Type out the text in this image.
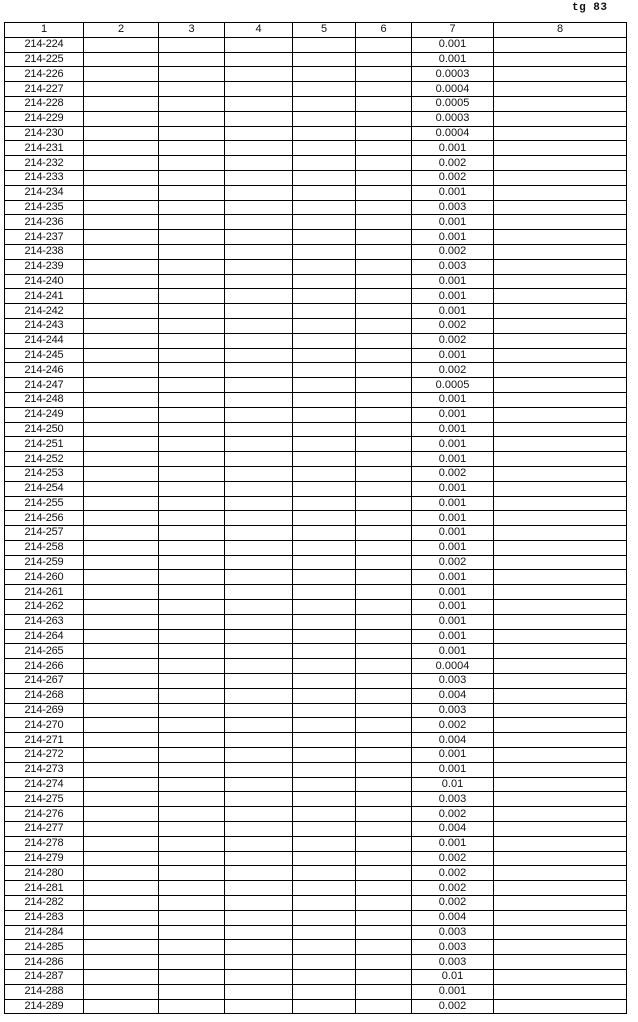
tg 83
1	2	3	4	5	6	7	8
214-224						0.001	
214-225						0.001	
214-226						0.0003	
214-227						0.0004	
214-228						0.0005	
214-229						0.0003	
214-230						0.0004	
214-231						0.001	
214-232						0.002	
214-233						0.002	
214-234						0.001	
214-235						0.003	
214-236						0.001	
214-237						0.001	
214-238						0.002	
214-239						0.003	
214-240						0.001	
214-241						0.001	
214-242						0.001	
214-243						0.002	
214-244						0.002	
214-245						0.001	
214-246						0.002	
214-247						0.0005	
214-248						0.001	
214-249						0.001	
214-250						0.001	
214-251						0.001	
214-252						0.001	
214-253						0.002	
214-254						0.001	
214-255						0.001	
214-256						0.001	
214-257						0.001	
214-258						0.001	
214-259						0.002	
214-260						0.001	
214-261						0.001	
214-262						0.001	
214-263						0.001	
214-264						0.001	
214-265						0.001	
214-266						0.0004	
214-267						0.003	
214-268						0.004	
214-269						0.003	
214-270						0.002	
214-271						0.004	
214-272						0.001	
214-273						0.001	
214-274						0.01	
214-275						0.003	
214-276						0.002	
214-277						0.004	
214-278						0.001	
214-279						0.002	
214-280						0.002	
214-281						0.002	
214-282						0.002	
214-283						0.004	
214-284						0.003	
214-285						0.003	
214-286						0.003	
214-287						0.01	
214-288						0.001	
214-289						0.002	
